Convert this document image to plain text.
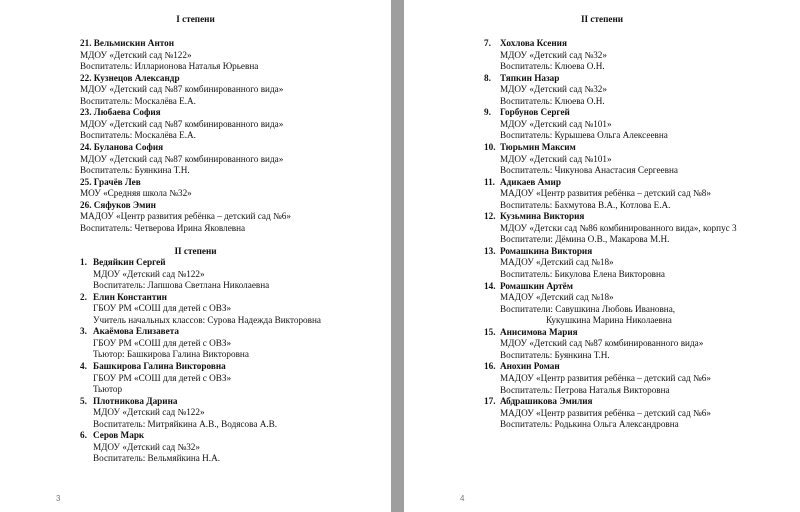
I степени
21. Вельмискин Антон
МДОУ «Детский сад №122»
Воспитатель: Илларионова Наталья Юрьевна
22. Кузнецов Александр
МДОУ «Детский сад №87 комбинированного вида»
Воспитатель: Москалёва Е.А.
23. Любаева София
МДОУ «Детский сад №87 комбинированного вида»
Воспитатель: Москалёва Е.А.
24. Буланова София
МДОУ «Детский сад №87 комбинированного вида»
Воспитатель: Буянкина Т.Н.
25. Грачёв Лев
МОУ «Средняя школа №32»
26. Сяфуков Эмин
МАДОУ «Центр развития ребёнка – детский сад №6»
Воспитатель: Четверова Ирина Яковлевна
II степени
1. Ведяйкин Сергей
МДОУ «Детский сад №122»
Воспитатель: Лапшова Светлана Николаевна
2. Елин Константин
ГБОУ РМ «СОШ для детей с ОВЗ»
Учитель начальных классов: Сурова Надежда Викторовна
3. Акаёмова Елизавета
ГБОУ РМ «СОШ для детей с ОВЗ»
Тьютор: Башкирова Галина Викторовна
4. Башкирова Галина Викторовна
ГБОУ РМ «СОШ для детей с ОВЗ»
Тьютор
5. Плотникова Дарина
МДОУ «Детский сад №122»
Воспитатель: Митряйкина А.В., Водясова А.В.
6. Серов Марк
МДОУ «Детский сад №32»
Воспитатель: Вельмяйкина Н.А.
3
II степени
7. Хохлова Ксения
МДОУ «Детский сад №32»
Воспитатель: Клюева О.Н.
8. Тяпкин Назар
МДОУ «Детский сад №32»
Воспитатель: Клюева О.Н.
9. Горбунов Сергей
МДОУ «Детский сад №101»
Воспитатель: Курышева Ольга Алексеевна
10. Тюрьмин Максим
МДОУ «Детский сад №101»
Воспитатель: Чикунова Анастасия Сергеевна
11. Адикаев Амир
МАДОУ «Центр развития ребёнка – детский сад №8»
Воспитатель: Бахмутова В.А., Котлова Е.А.
12. Кузьмина Виктория
МДОУ «Детски сад №86 комбинированного вида», корпус 3
Воспитатели: Дёмина О.В., Макарова М.Н.
13. Ромашкина Виктория
МАДОУ «Детский сад №18»
Воспитатель: Бикулова Елена Викторовна
14. Ромашкин Артём
МАДОУ «Детский сад №18»
Воспитатели: Савушкина Любовь Ивановна,
Кукушкина Марина Николаевна
15. Анисимова Мария
МДОУ «Детский сад №87 комбинированного вида»
Воспитатель: Буянкина Т.Н.
16. Анохин Роман
МАДОУ «Центр развития ребёнка – детский сад №6»
Воспитатель: Петрова Наталья Викторовна
17. Абдрашикова Эмилия
МАДОУ «Центр развития ребёнка – детский сад №6»
Воспитатель: Родькина Ольга Александровна
4
